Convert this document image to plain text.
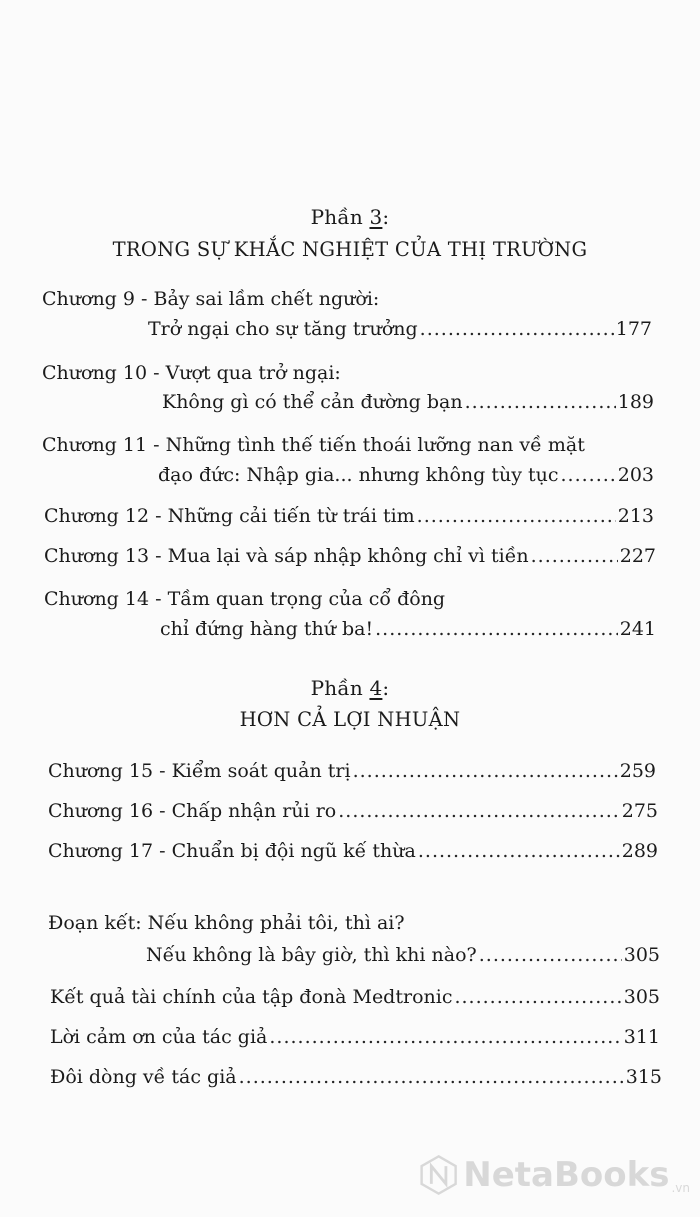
Phần 3:
TRONG SỰ KHẮC NGHIỆT CỦA THỊ TRƯỜNG
Chương 9 - Bảy sai lầm chết người:
Trở ngại cho sự tăng trưởng .....	177
Chương 10 - Vượt qua trở ngại:
Không gì có thể cản đường bạn .....	189
Chương 11 - Những tình thế tiến thoái lưỡng nan về mặt
đạo đức: Nhập gia... nhưng không tùy tục .....	203
Chương 12 - Những cải tiến từ trái tim .....	213
Chương 13 - Mua lại và sáp nhập không chỉ vì tiền .....	227
Chương 14 - Tầm quan trọng của cổ đông
chỉ đứng hàng thứ ba! .....	241
Phần 4:
HƠN CẢ LỢI NHUẬN
Chương 15 - Kiểm soát quản trị .....	259
Chương 16 - Chấp nhận rủi ro .....	275
Chương 17 - Chuẩn bị đội ngũ kế thừa .....	289
Đoạn kết: Nếu không phải tôi, thì ai?
Nếu không là bây giờ, thì khi nào? .....	305
Kết quả tài chính của tập đonà Medtronic .....	305
Lời cảm ơn của tác giả .....	311
Đôi dòng về tác giả .....	315
NetaBooks .vn
